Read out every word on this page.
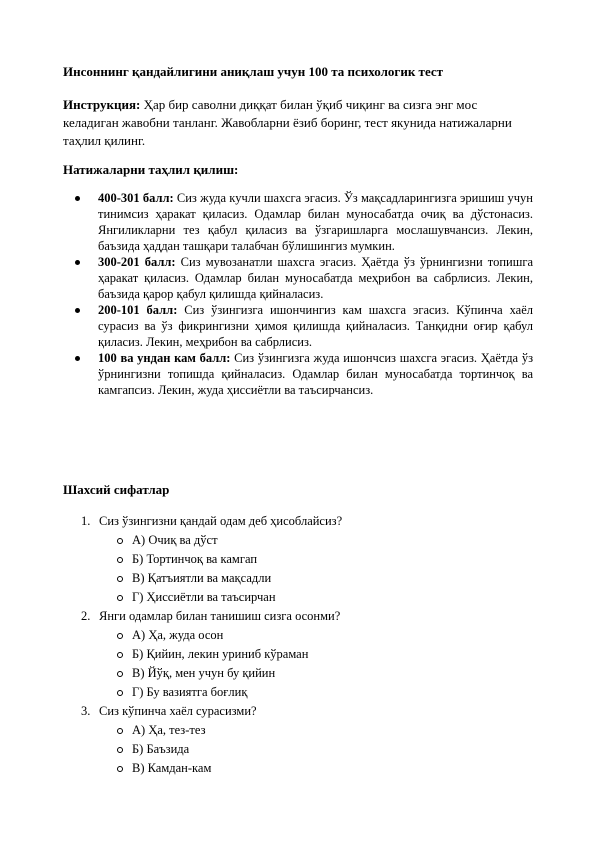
Инсоннинг қандайлигини аниқлаш учун 100 та психологик тест
Инструкция: Ҳар бир саволни диққат билан ўқиб чиқинг ва сизга энг мос келадиган жавобни танланг. Жавобларни ёзиб боринг, тест якунида натижаларни таҳлил қилинг.
Натижаларни таҳлил қилиш:
400-301 балл: Сиз жуда кучли шахсга эгасиз. Ўз мақсадларингизга эришиш учун тинимсиз ҳаракат қиласиз. Одамлар билан муносабатда очиқ ва дўстонасиз. Янгиликларни тез қабул қиласиз ва ўзгаришларга мослашувчансиз. Лекин, баъзида ҳаддан ташқари талабчан бўлишингиз мумкин.
300-201 балл: Сиз мувозанатли шахсга эгасиз. Ҳаётда ўз ўрнингизни топишга ҳаракат қиласиз. Одамлар билан муносабатда меҳрибон ва сабрлисиз. Лекин, баъзида қарор қабул қилишда қийналасиз.
200-101 балл: Сиз ўзингизга ишончингиз кам шахсга эгасиз. Кўпинча хаёл сурасиз ва ўз фикрингизни ҳимоя қилишда қийналасиз. Танқидни оғир қабул қиласиз. Лекин, меҳрибон ва сабрлисиз.
100 ва ундан кам балл: Сиз ўзингизга жуда ишончсиз шахсга эгасиз. Ҳаётда ўз ўрнингизни топишда қийналасиз. Одамлар билан муносабатда тортинчоқ ва камгапсиз. Лекин, жуда ҳиссиётли ва таъсирчансиз.
Шахсий сифатлар
1. Сиз ўзингизни қандай одам деб ҳисоблайсиз?
А) Очиқ ва дўст
Б) Тортинчоқ ва камгап
В) Қатъиятли ва мақсадли
Г) Ҳиссиётли ва таъсирчан
2. Янги одамлар билан танишиш сизга осонми?
А) Ҳа, жуда осон
Б) Қийин, лекин уриниб кўраман
В) Йўқ, мен учун бу қийин
Г) Бу вазиятга боғлиқ
3. Сиз кўпинча хаёл сурасизми?
А) Ҳа, тез-тез
Б) Баъзида
В) Камдан-кам
